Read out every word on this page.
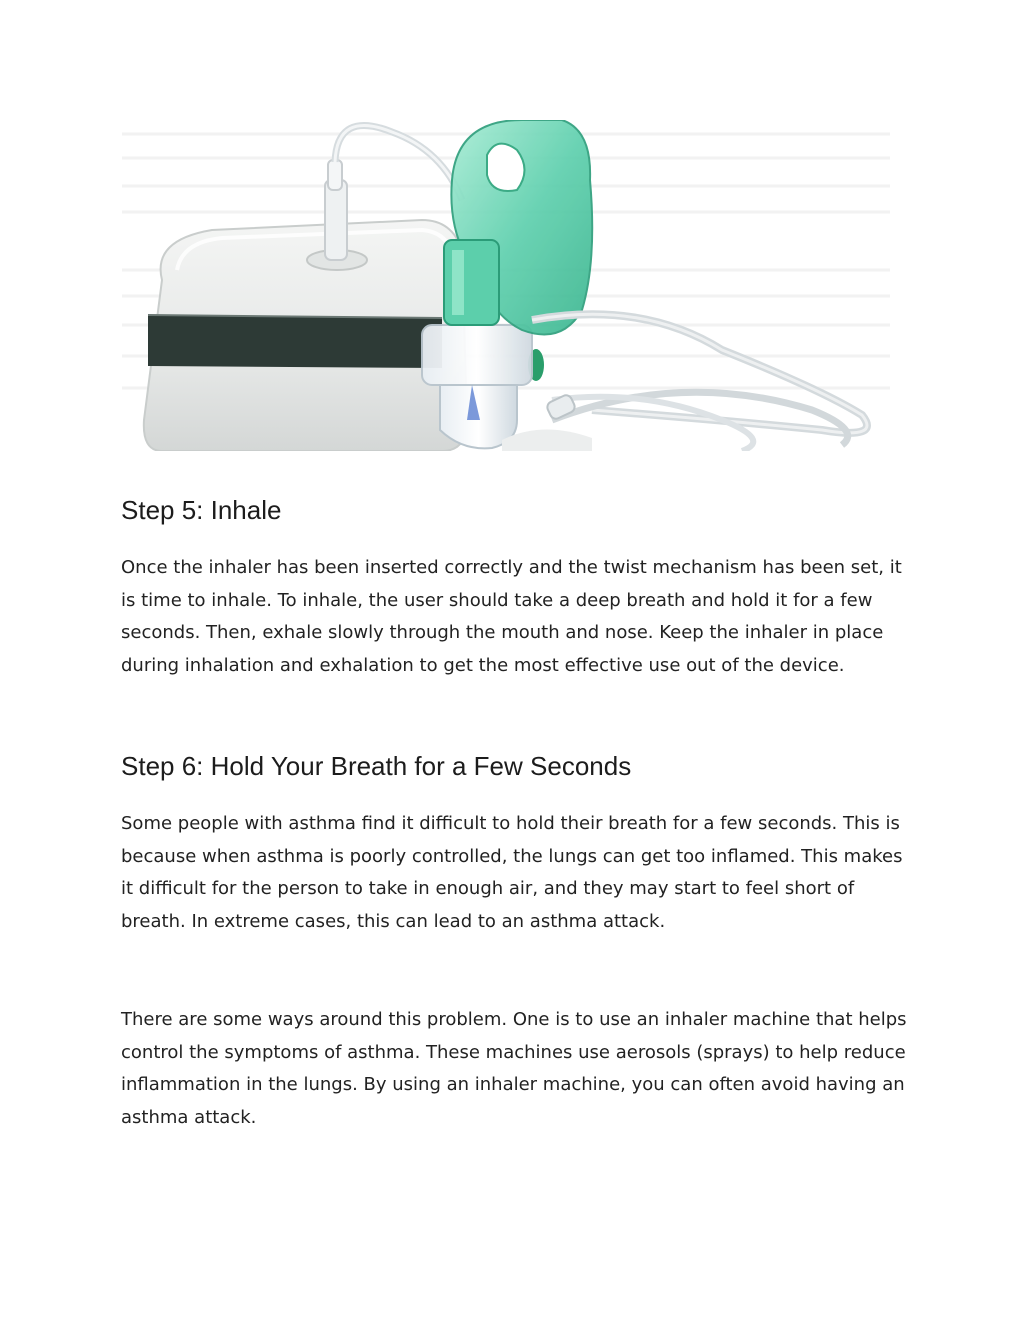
Step 5: Inhale

Once the inhaler has been inserted correctly and the twist mechanism has been set, it is time to inhale. To inhale, the user should take a deep breath and hold it for a few seconds. Then, exhale slowly through the mouth and nose. Keep the inhaler in place during inhalation and exhalation to get the most effective use out of the device.

Step 6: Hold Your Breath for a Few Seconds

Some people with asthma find it difficult to hold their breath for a few seconds. This is because when asthma is poorly controlled, the lungs can get too inflamed. This makes it difficult for the person to take in enough air, and they may start to feel short of breath. In extreme cases, this can lead to an asthma attack.

There are some ways around this problem. One is to use an inhaler machine that helps control the symptoms of asthma. These machines use aerosols (sprays) to help reduce inflammation in the lungs. By using an inhaler machine, you can often avoid having an asthma attack.
